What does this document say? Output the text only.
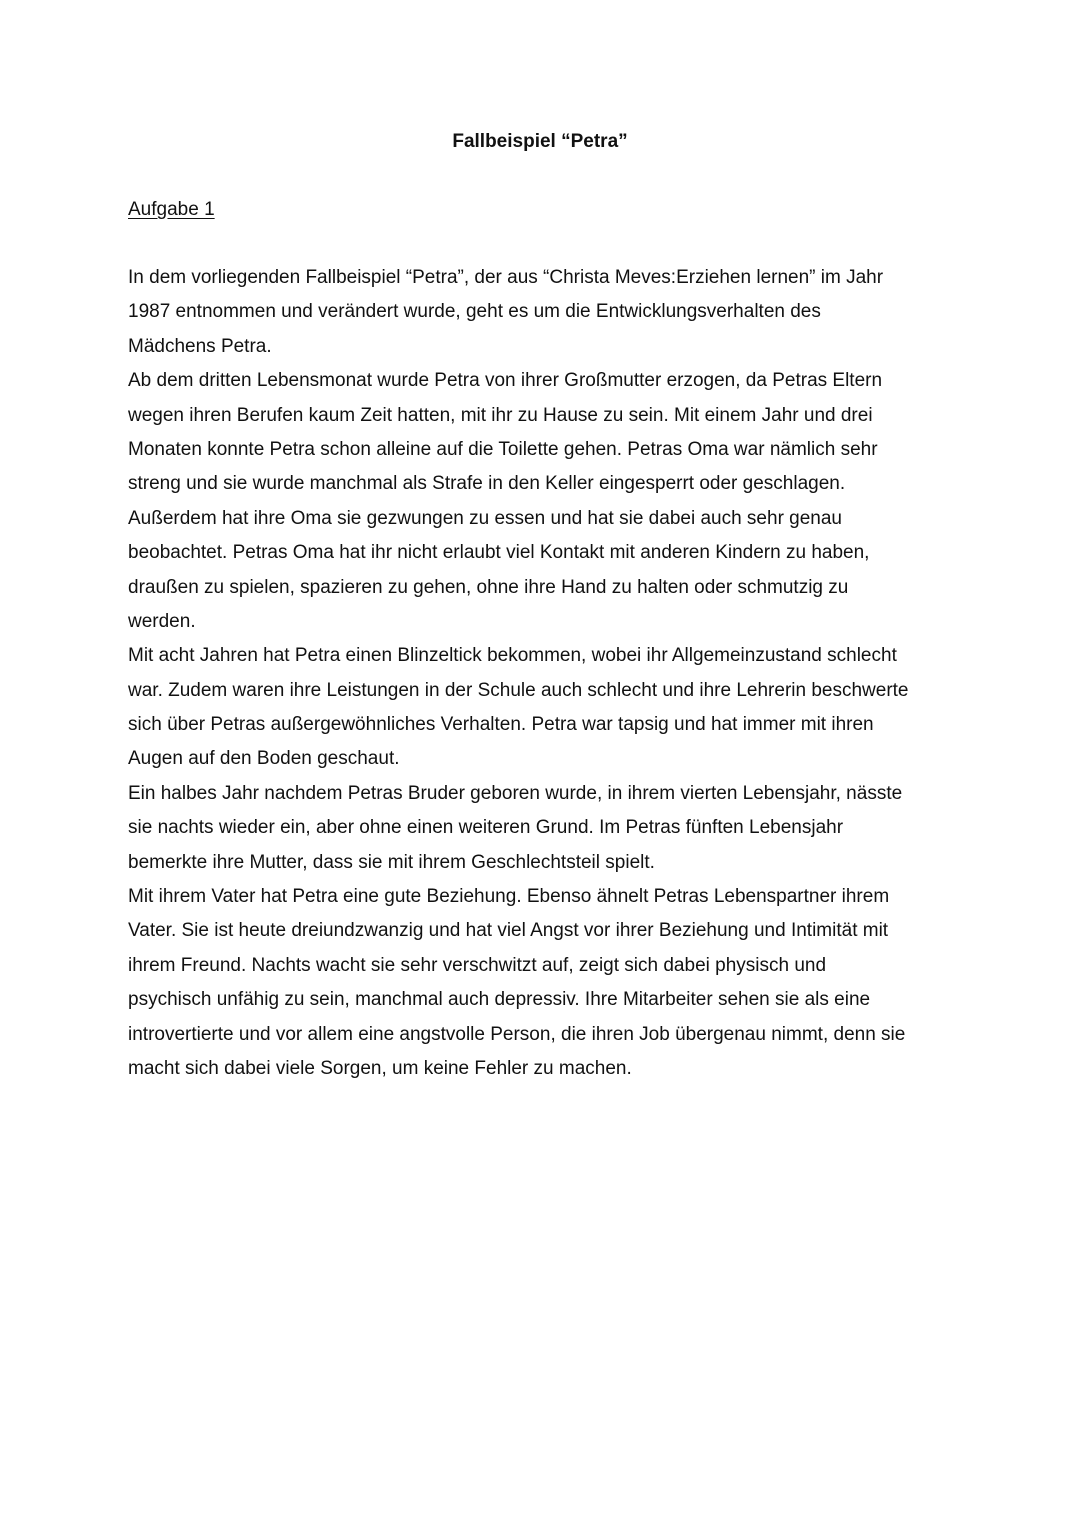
Fallbeispiel “Petra”
Aufgabe 1
In dem vorliegenden Fallbeispiel “Petra”, der aus “Christa Meves:Erziehen lernen” im Jahr
1987 entnommen und verändert wurde, geht es um die Entwicklungsverhalten des
Mädchens Petra.
Ab dem dritten Lebensmonat wurde Petra von ihrer Großmutter erzogen, da Petras Eltern
wegen ihren Berufen kaum Zeit hatten, mit ihr zu Hause zu sein. Mit einem Jahr und drei
Monaten konnte Petra schon alleine auf die Toilette gehen. Petras Oma war nämlich sehr
streng und sie wurde manchmal als Strafe in den Keller eingesperrt oder geschlagen.
Außerdem hat ihre Oma sie gezwungen zu essen und hat sie dabei auch sehr genau
beobachtet. Petras Oma hat ihr nicht erlaubt viel Kontakt mit anderen Kindern zu haben,
draußen zu spielen, spazieren zu gehen, ohne ihre Hand zu halten oder schmutzig zu
werden.
Mit acht Jahren hat Petra einen Blinzeltick bekommen, wobei ihr Allgemeinzustand schlecht
war. Zudem waren ihre Leistungen in der Schule auch schlecht und ihre Lehrerin beschwerte
sich über Petras außergewöhnliches Verhalten. Petra war tapsig und hat immer mit ihren
Augen auf den Boden geschaut.
Ein halbes Jahr nachdem Petras Bruder geboren wurde, in ihrem vierten Lebensjahr, nässte
sie nachts wieder ein, aber ohne einen weiteren Grund. Im Petras fünften Lebensjahr
bemerkte ihre Mutter, dass sie mit ihrem Geschlechtsteil spielt.
Mit ihrem Vater hat Petra eine gute Beziehung. Ebenso ähnelt Petras Lebenspartner ihrem
Vater. Sie ist heute dreiundzwanzig und hat viel Angst vor ihrer Beziehung und Intimität mit
ihrem Freund. Nachts wacht sie sehr verschwitzt auf, zeigt sich dabei physisch und
psychisch unfähig zu sein, manchmal auch depressiv. Ihre Mitarbeiter sehen sie als eine
introvertierte und vor allem eine angstvolle Person, die ihren Job übergenau nimmt, denn sie
macht sich dabei viele Sorgen, um keine Fehler zu machen.
